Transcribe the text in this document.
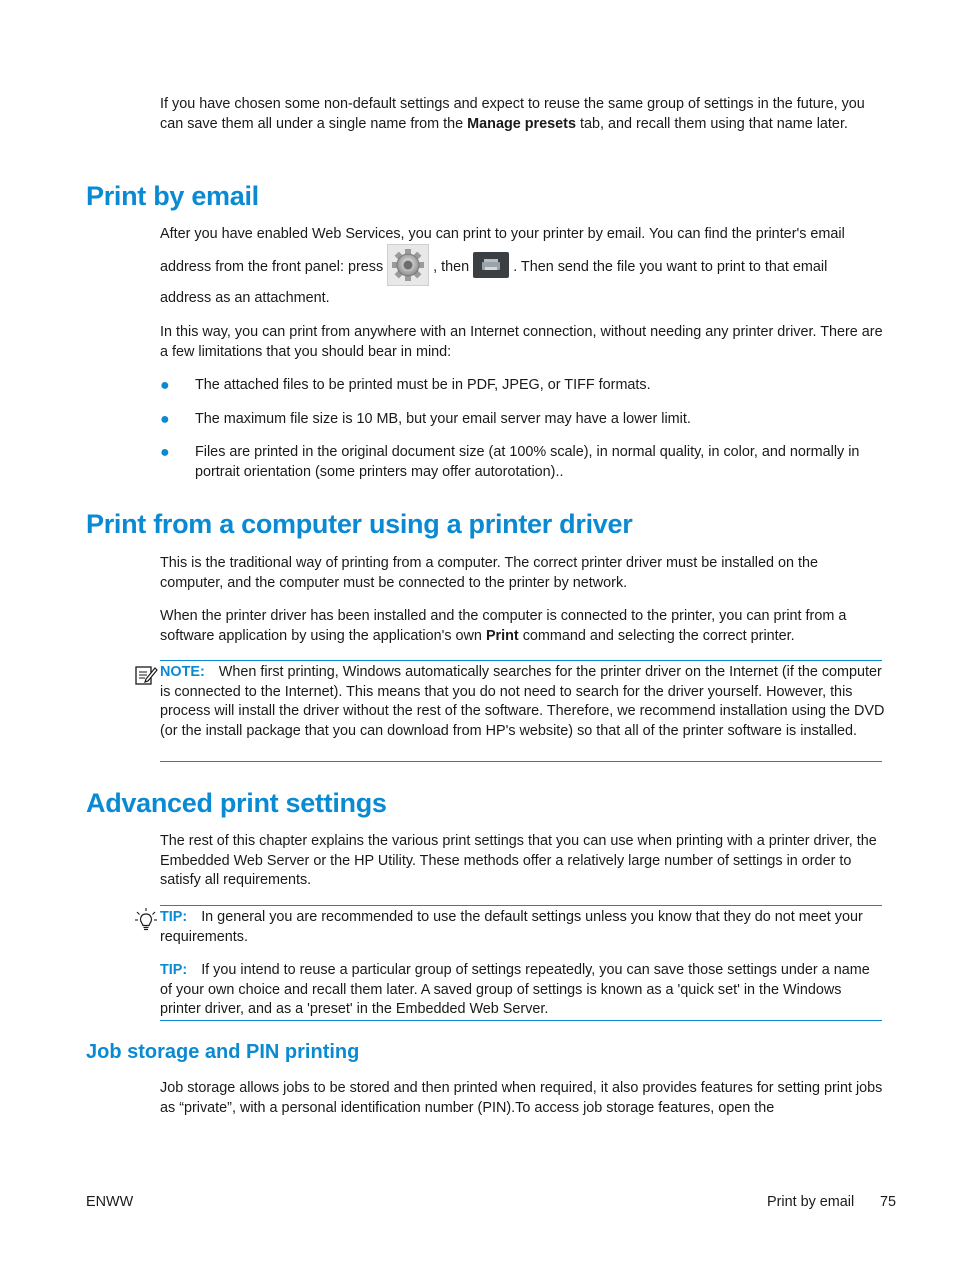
If you have chosen some non-default settings and expect to reuse the same group of settings in the future, you can save them all under a single name from the Manage presets tab, and recall them using that name later.

Print by email

After you have enabled Web Services, you can print to your printer by email. You can find the printer's email

address from the front panel: press	, then	. Then send the file you want to print to that email

address as an attachment.

In this way, you can print from anywhere with an Internet connection, without needing any printer driver. There are a few limitations that you should bear in mind:

● The attached files to be printed must be in PDF, JPEG, or TIFF formats.

● The maximum file size is 10 MB, but your email server may have a lower limit.

● Files are printed in the original document size (at 100% scale), in normal quality, in color, and normally in portrait orientation (some printers may offer autorotation)..

Print from a computer using a printer driver

This is the traditional way of printing from a computer. The correct printer driver must be installed on the computer, and the computer must be connected to the printer by network.

When the printer driver has been installed and the computer is connected to the printer, you can print from a software application by using the application's own Print command and selecting the correct printer.

NOTE: When first printing, Windows automatically searches for the printer driver on the Internet (if the computer is connected to the Internet). This means that you do not need to search for the driver yourself. However, this process will install the driver without the rest of the software. Therefore, we recommend installation using the DVD (or the install package that you can download from HP's website) so that all of the printer software is installed.

Advanced print settings

The rest of this chapter explains the various print settings that you can use when printing with a printer driver, the Embedded Web Server or the HP Utility. These methods offer a relatively large number of settings in order to satisfy all requirements.

TIP: In general you are recommended to use the default settings unless you know that they do not meet your requirements.

TIP: If you intend to reuse a particular group of settings repeatedly, you can save those settings under a name of your own choice and recall them later. A saved group of settings is known as a 'quick set' in the Windows printer driver, and as a 'preset' in the Embedded Web Server.

Job storage and PIN printing

Job storage allows jobs to be stored and then printed when required, it also provides features for setting print jobs as “private”, with a personal identification number (PIN).To access job storage features, open the

ENWW	Print by email 75
